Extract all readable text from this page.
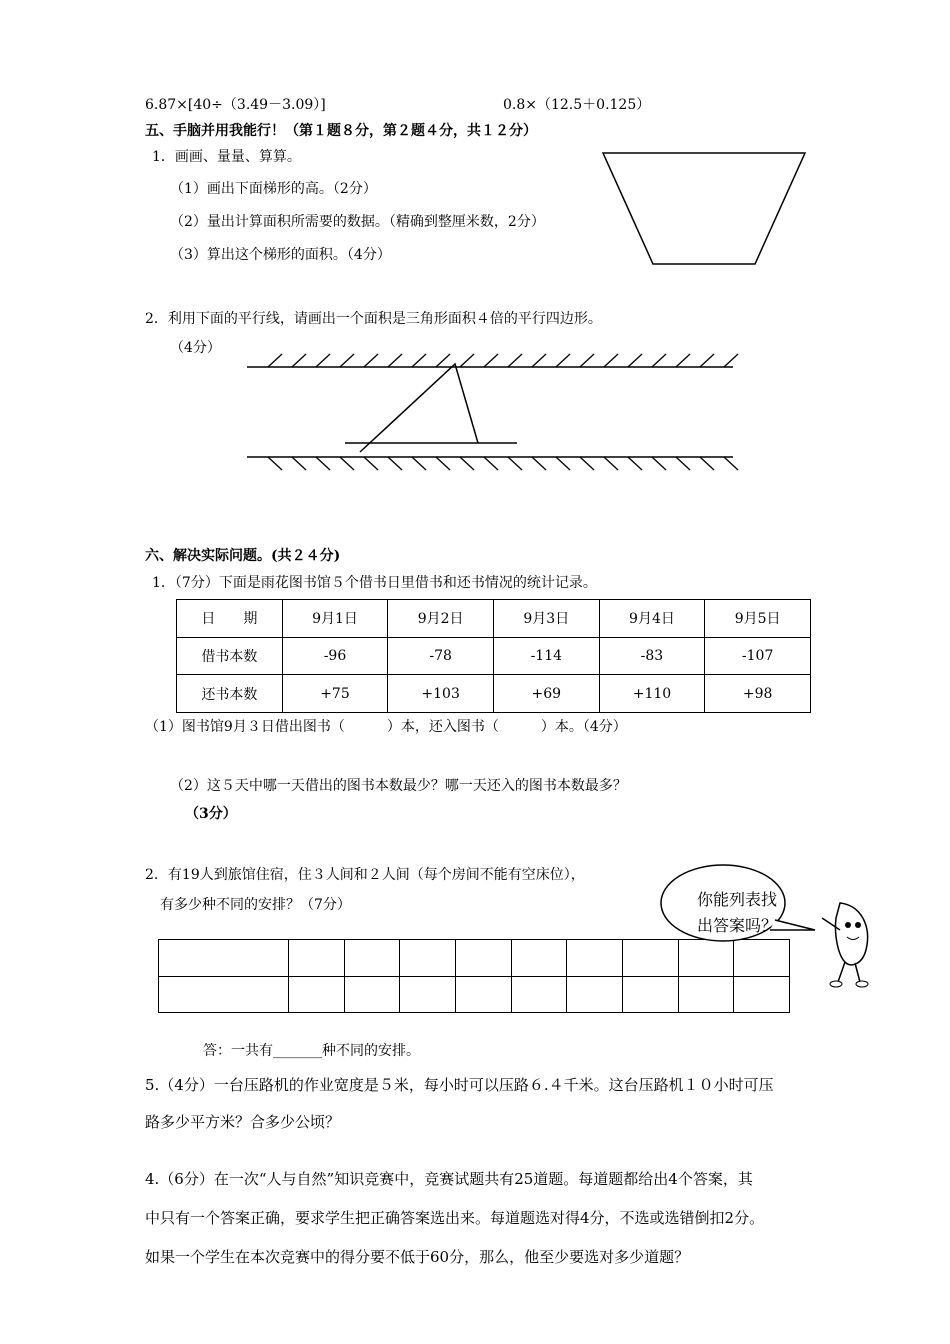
6.87×[40÷（3.49－3.09）]	0.8×（12.5＋0.125）
五、手脑并用我能行！（第１题８分，第２题４分，共１２分）
1．画画、量量、算算。
（1）画出下面梯形的高。（2分）
（2）量出计算面积所需要的数据。（精确到整厘米数，2分）
（3）算出这个梯形的面积。（4分）
2．利用下面的平行线，请画出一个面积是三角形面积４倍的平行四边形。
（4分）
六、解决实际问题。(共２４分)
1．（7分）下面是雨花图书馆５个借书日里借书和还书情况的统计记录。
日　　期	9月1日	9月2日	9月3日	9月4日	9月5日
借书本数	-96	-78	-114	-83	-107
还书本数	+75	+103	+69	+110	+98
（1）图书馆9月３日借出图书（　　　）本，还入图书（　　　）本。（4分）
（2）这５天中哪一天借出的图书本数最少？哪一天还入的图书本数最多？
（3分）
2．有19人到旅馆住宿，住３人间和２人间（每个房间不能有空床位），
有多少种不同的安排？（7分）

										你能列表找出答案吗？
答：一共有_______种不同的安排。
5.（4分）一台压路机的作业宽度是５米，每小时可以压路６.４千米。这台压路机１０小时可压
路多少平方米？合多少公顷？
4.（6分）在一次“人与自然”知识竞赛中，竞赛试题共有25道题。每道题都给出4个答案，其
中只有一个答案正确，要求学生把正确答案选出来。每道题选对得4分，不选或选错倒扣2分。
如果一个学生在本次竞赛中的得分要不低于60分，那么，他至少要选对多少道题？
